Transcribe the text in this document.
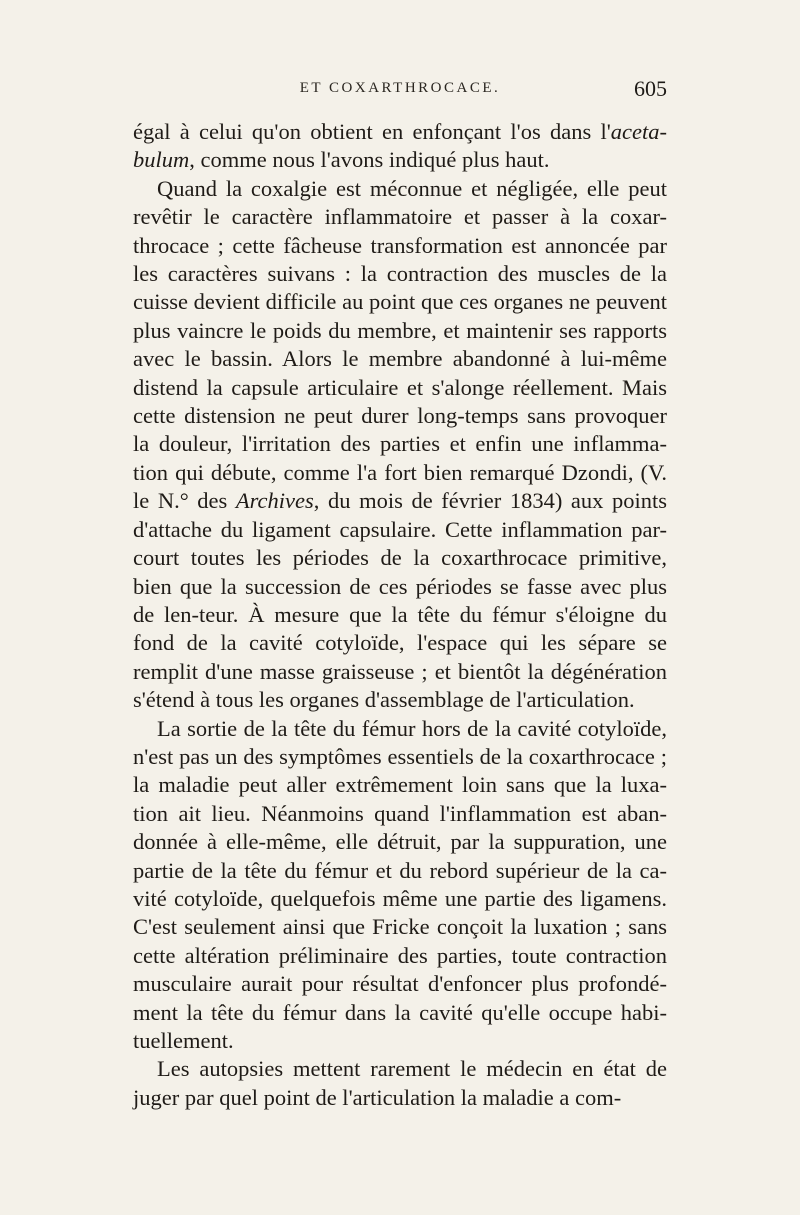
ET COXARTHROCACE.	605

égal à celui qu'on obtient en enfonçant l'os dans l'aceta-bulum, comme nous l'avons indiqué plus haut.

Quand la coxalgie est méconnue et négligée, elle peut revêtir le caractère inflammatoire et passer à la coxar-throcace ; cette fâcheuse transformation est annoncée par les caractères suivans : la contraction des muscles de la cuisse devient difficile au point que ces organes ne peuvent plus vaincre le poids du membre, et maintenir ses rapports avec le bassin. Alors le membre abandonné à lui-même distend la capsule articulaire et s'alonge réellement. Mais cette distension ne peut durer long-temps sans provoquer la douleur, l'irritation des parties et enfin une inflamma-tion qui débute, comme l'a fort bien remarqué Dzondi, (V. le N.° des Archives, du mois de février 1834) aux points d'attache du ligament capsulaire. Cette inflammation par-court toutes les périodes de la coxarthrocace primitive, bien que la succession de ces périodes se fasse avec plus de len-teur. À mesure que la tête du fémur s'éloigne du fond de la cavité cotyloïde, l'espace qui les sépare se remplit d'une masse graisseuse ; et bientôt la dégénération s'étend à tous les organes d'assemblage de l'articulation.

La sortie de la tête du fémur hors de la cavité cotyloïde, n'est pas un des symptômes essentiels de la coxarthrocace ; la maladie peut aller extrêmement loin sans que la luxa-tion ait lieu. Néanmoins quand l'inflammation est aban-donnée à elle-même, elle détruit, par la suppuration, une partie de la tête du fémur et du rebord supérieur de la ca-vité cotyloïde, quelquefois même une partie des ligamens. C'est seulement ainsi que Fricke conçoit la luxation ; sans cette altération préliminaire des parties, toute contraction musculaire aurait pour résultat d'enfoncer plus profondé-ment la tête du fémur dans la cavité qu'elle occupe habi-tuellement.

Les autopsies mettent rarement le médecin en état de juger par quel point de l'articulation la maladie a com-
